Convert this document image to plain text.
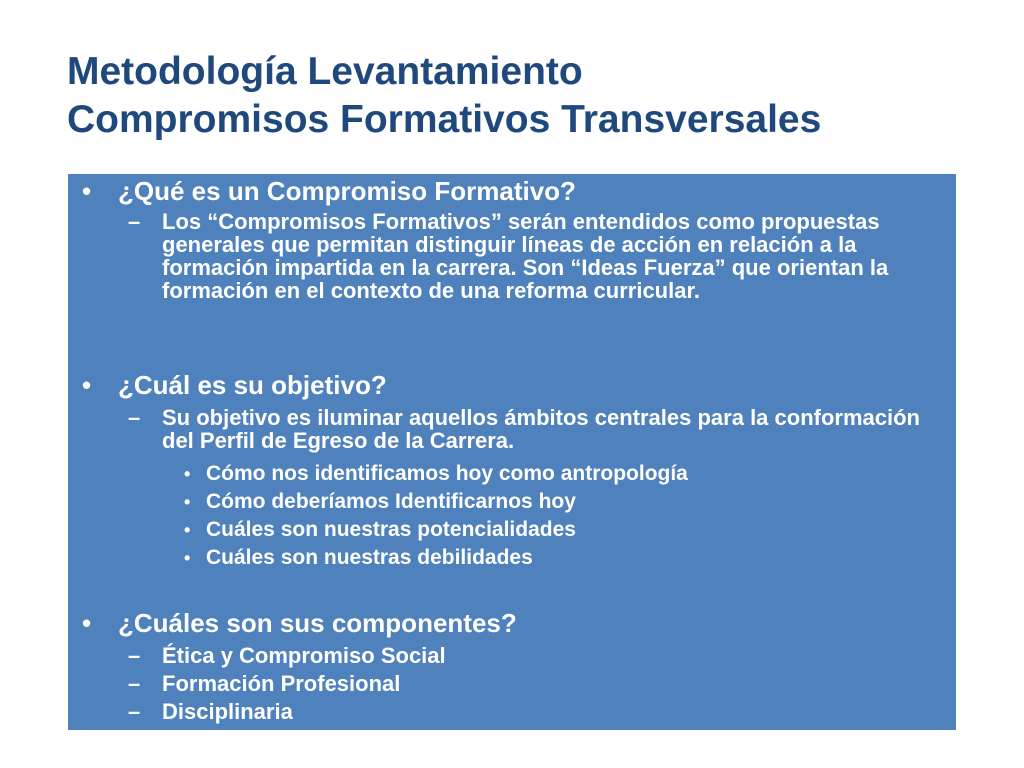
Metodología Levantamiento
Compromisos Formativos Transversales
• ¿Qué es un Compromiso Formativo?
– Los “Compromisos Formativos” serán entendidos como propuestas generales que permitan distinguir líneas de acción en relación a la formación impartida en la carrera. Son “Ideas Fuerza” que orientan la formación en el contexto de una reforma curricular.
• ¿Cuál es su objetivo?
– Su objetivo es iluminar aquellos ámbitos centrales para la conformación del Perfil de Egreso de la Carrera.
• Cómo nos identificamos hoy como antropología
• Cómo deberíamos Identificarnos hoy
• Cuáles son nuestras potencialidades
• Cuáles son nuestras debilidades
• ¿Cuáles son sus componentes?
– Ética y Compromiso Social
– Formación Profesional
– Disciplinaria
